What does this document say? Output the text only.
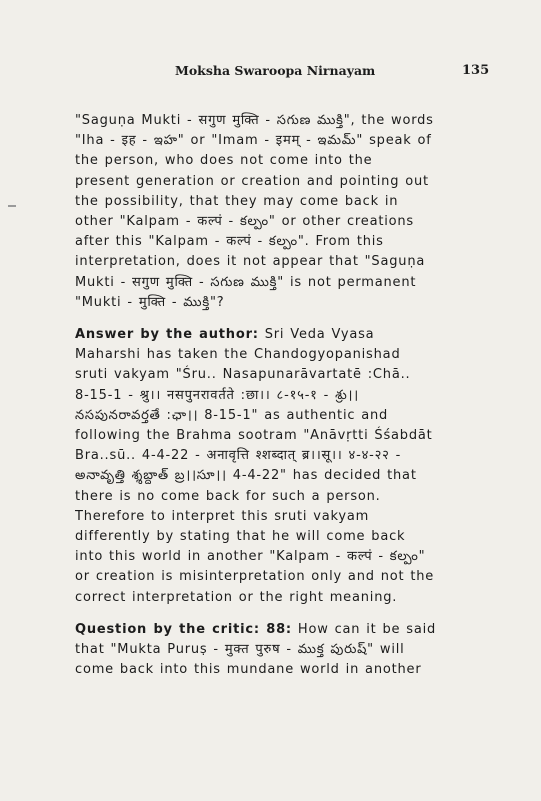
Moksha Swaroopa Nirnayam	135
"Saguṇa Mukti - सगुण मुक्ति - సగుణ ముక్తి", the words
"Iha - इह - ఇహ" or "Imam - इमम् - ఇమమ్" speak of
the person, who does not come into the
present generation or creation and pointing out
the possibility, that they may come back in
other "Kalpam - कल्पं - కల్పం" or other creations
after this "Kalpam - कल्पं - కల్పం". From this
interpretation, does it not appear that "Saguṇa
Mukti - सगुण मुक्ति - సగుణ ముక్తి" is not permanent
"Mukti - मुक्ति - ముక్తి"?
Answer by the author: Sri Veda Vyasa
Maharshi has taken the Chandogyopanishad
sruti vakyam "Śru.. Nasapunarāvartatē :Chā..
8-15-1 - श्रु।। नसपुनरावर्तते :छा।। ८-१५-१ - శ్రు।।
నసపునరావర్తతే :ఛా।। 8-15-1" as authentic and
following the Brahma sootram "Anāvṛtti Śśabdāt
Bra..sū.. 4-4-22 - अनावृत्ति श्शब्दात् ब्र।।सू।। ४-४-२२ -
అనావృత్తి శ్శబ్దాత్ బ్ర।।సూ।। 4-4-22" has decided that
there is no come back for such a person.
Therefore to interpret this sruti vakyam
differently by stating that he will come back
into this world in another "Kalpam - कल्पं - కల్పం"
or creation is misinterpretation only and not the
correct interpretation or the right meaning.
Question by the critic: 88: How can it be said
that "Mukta Puruṣ - मुक्त पुरुष - ముక్త పురుష్" will
come back into this mundane world in another
